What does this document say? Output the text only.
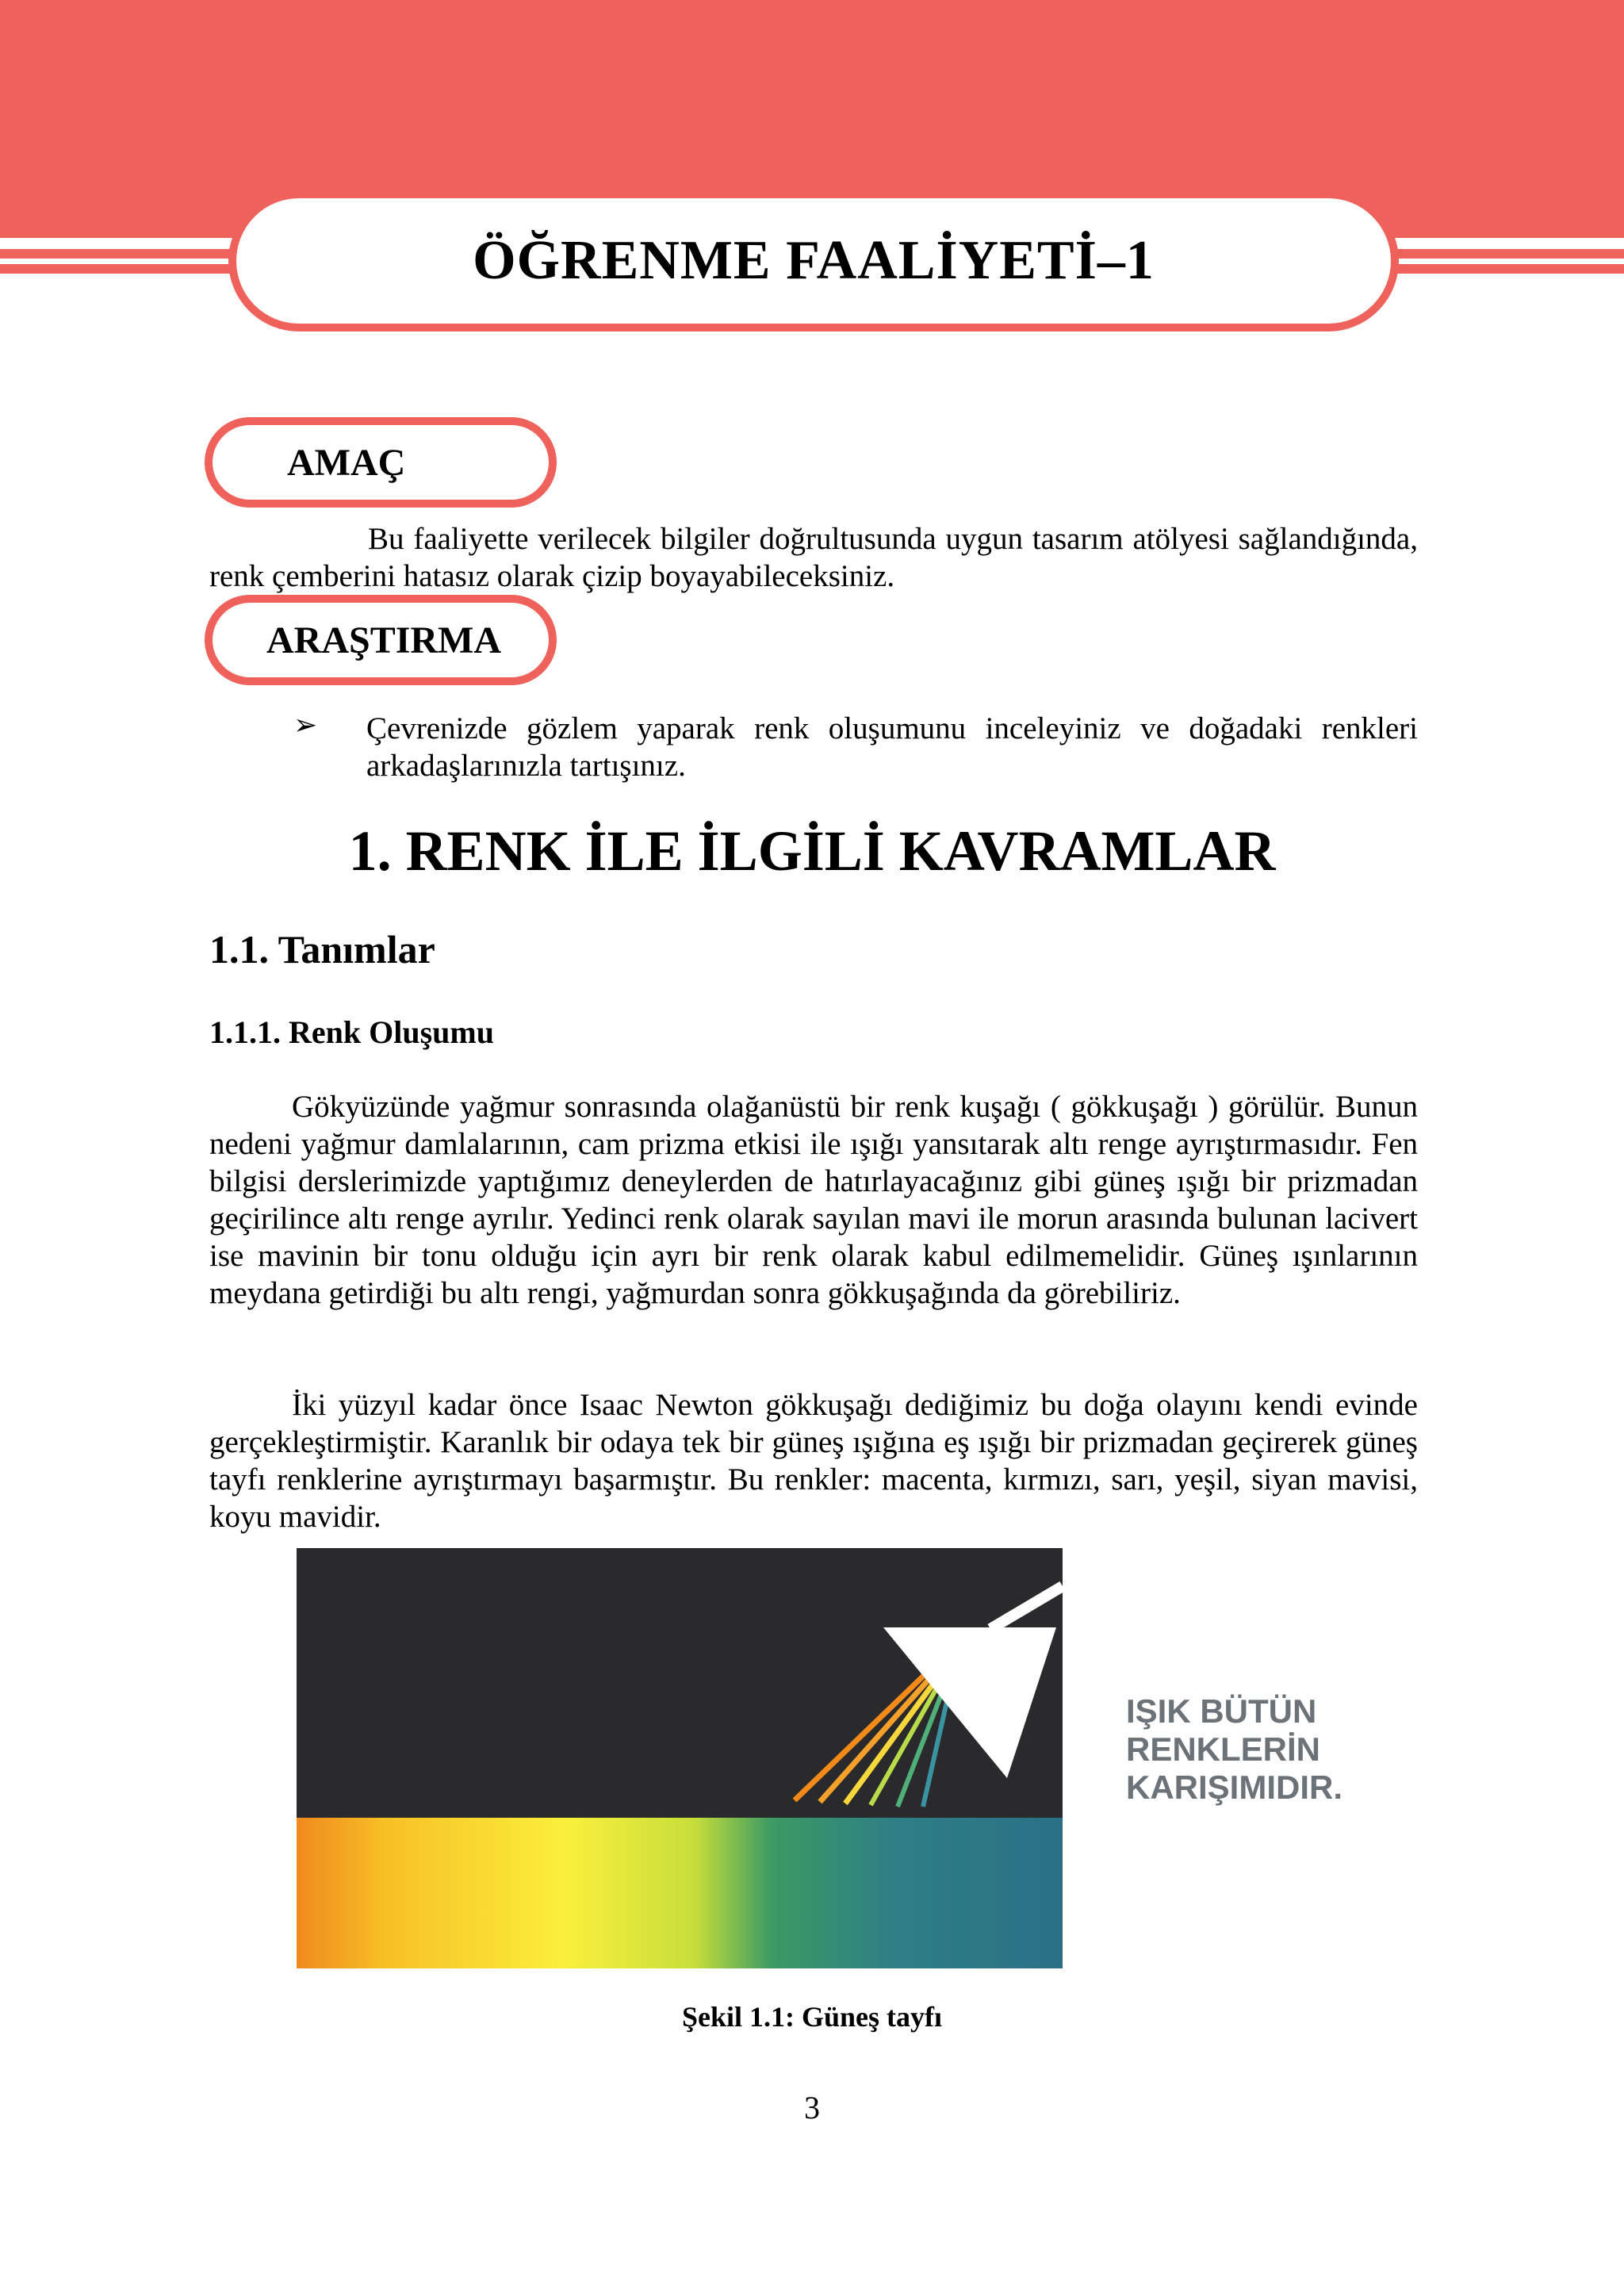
ÖĞRENME FAALİYETİ–1
AMAÇ

Bu faaliyette verilecek bilgiler doğrultusunda uygun tasarım atölyesi sağlandığında, renk çemberini hatasız olarak çizip boyayabileceksiniz.

ARAŞTIRMA
➢ Çevrenizde gözlem yaparak renk oluşumunu inceleyiniz ve doğadaki renkleri arkadaşlarınızla tartışınız.

1. RENK İLE İLGİLİ KAVRAMLAR
1.1. Tanımlar
1.1.1. Renk Oluşumu

Gökyüzünde yağmur sonrasında olağanüstü bir renk kuşağı ( gökkuşağı ) görülür. Bunun nedeni yağmur damlalarının, cam prizma etkisi ile ışığı yansıtarak altı renge ayrıştırmasıdır. Fen bilgisi derslerimizde yaptığımız deneylerden de hatırlayacağınız gibi güneş ışığı bir prizmadan geçirilince altı renge ayrılır. Yedinci renk olarak sayılan mavi ile morun arasında bulunan lacivert ise mavinin bir tonu olduğu için ayrı bir renk olarak kabul edilmemelidir. Güneş ışınlarının meydana getirdiği bu altı rengi, yağmurdan sonra gökkuşağında da görebiliriz.

İki yüzyıl kadar önce Isaac Newton gökkuşağı dediğimiz bu doğa olayını kendi evinde gerçekleştirmiştir. Karanlık bir odaya tek bir güneş ışığına eş ışığı bir prizmadan geçirerek güneş tayfı renklerine ayrıştırmayı başarmıştır. Bu renkler: macenta, kırmızı, sarı, yeşil, siyan mavisi, koyu mavidir.

IŞIK BÜTÜN
RENKLERİN
KARIŞIMIDIR.
Şekil 1.1: Güneş tayfı
3
